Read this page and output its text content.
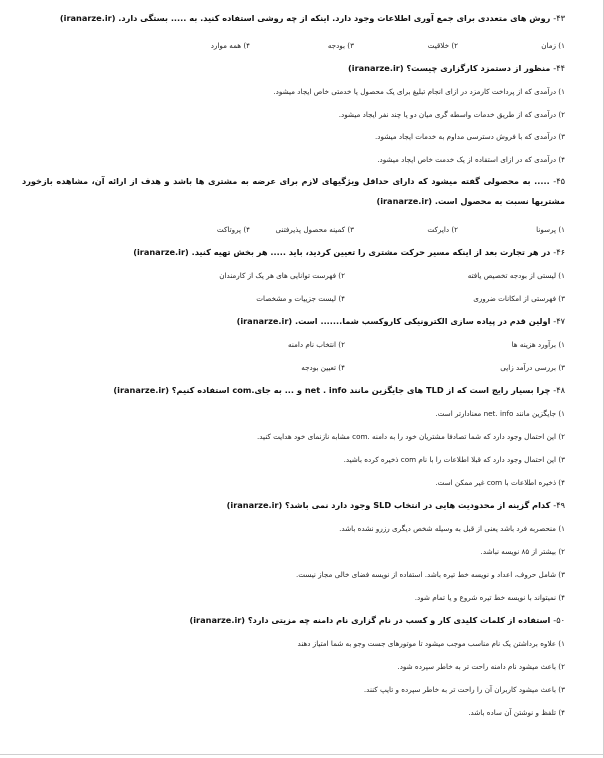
۴۳- روش های متعددی برای جمع آوری اطلاعات وجود دارد. اینکه از چه روشی استفاده کنید. به ..... بستگی دارد. (iranarze.ir)
۱) زمان
۲) خلاقیت
۳) بودجه
۴) همه موارد
۴۴- منظور از دستمزد کارگزاری چیست؟ (iranarze.ir)
۱) درآمدی که از پرداخت کارمزد در ازای انجام تبلیغ برای یک محصول یا خدمتی خاص ایجاد میشود.
۲) درآمدی که از طریق خدمات واسطه گری میان دو یا چند نفر ایجاد میشود.
۳) درآمدی که با فروش دسترسی مداوم به خدمات ایجاد میشود.
۴) درآمدی که در ازای استفاده از یک خدمت خاص ایجاد میشود.
۴۵- ..... به محصولی گفته میشود که دارای حداقل ویژگیهای لازم برای عرضه به مشتری ها باشد و هدف از ارائه آن، مشاهده بازخورد مشتریها نسبت به محصول است. (iranarze.ir)
۱) پرسونا
۲) دایرکت
۳) کمینه محصول پذیرفتنی
۴) پروتاکت
۴۶- در هر تجارت بعد از اینکه مسیر حرکت مشتری را تعیین کردید، باید ..... هر بخش تهیه کنید. (iranarze.ir)
۱) لیستی از بودجه تخصیص یافته
۲) فهرست توانایی های هر یک از کارمندان
۳) فهرستی از امکانات ضروری
۴) لیست جزییات و مشخصات
۴۷- اولین قدم در پیاده سازی الکترونیکی کاروکسب شما....... است. (iranarze.ir)
۱) برآورد هزینه ها
۲) انتخاب نام دامنه
۳) بررسی درآمد زایی
۴) تعیین بودجه
۴۸- چرا بسیار رایج است که از TLD های جایگزین مانند net . info و ... به جای.com استفاده کنیم؟ (iranarze.ir)
۱) جایگزین مانند net. info معنادارتر است.
۲) این احتمال وجود دارد که شما تصادفا مشتریان خود را به دامنه .com مشابه نازنمای خود هدایت کنید.
۳) این احتمال وجود دارد که قبلا اطلاعات را با نام com ذخیره کرده باشید.
۴) ذخیره اطلاعات با com غیر ممکن است.
۴۹- کدام گزینه از محدودیت هایی در انتخاب SLD وجود دارد نمی باشد؟ (iranarze.ir)
۱) منحصربه فرد باشد یعنی از قبل به وسیله شخص دیگری رزرو نشده باشد.
۲) بیشتر از ۸۵ نویسه نباشد.
۳) شامل حروف، اعداد و نویسه خط تیره باشد. استفاده از نویسه فضای خالی مجاز نیست.
۴) نمیتواند با نویسه خط تیره شروع و یا تمام شود.
۵۰- استفاده از کلمات کلیدی کار و کسب در نام گزاری نام دامنه چه مزیتی دارد؟ (iranarze.ir)
۱) علاوه برداشتن یک نام مناسب موجب میشود تا موتورهای جست وجو به شما امتیاز دهند
۲) باعث میشود نام دامنه راحت تر به خاطر سپرده شود.
۳) باعث میشود کاربران آن را راحت تر به خاطر سپرده و تایپ کنند.
۴) تلفظ و نوشتن آن ساده باشد.
